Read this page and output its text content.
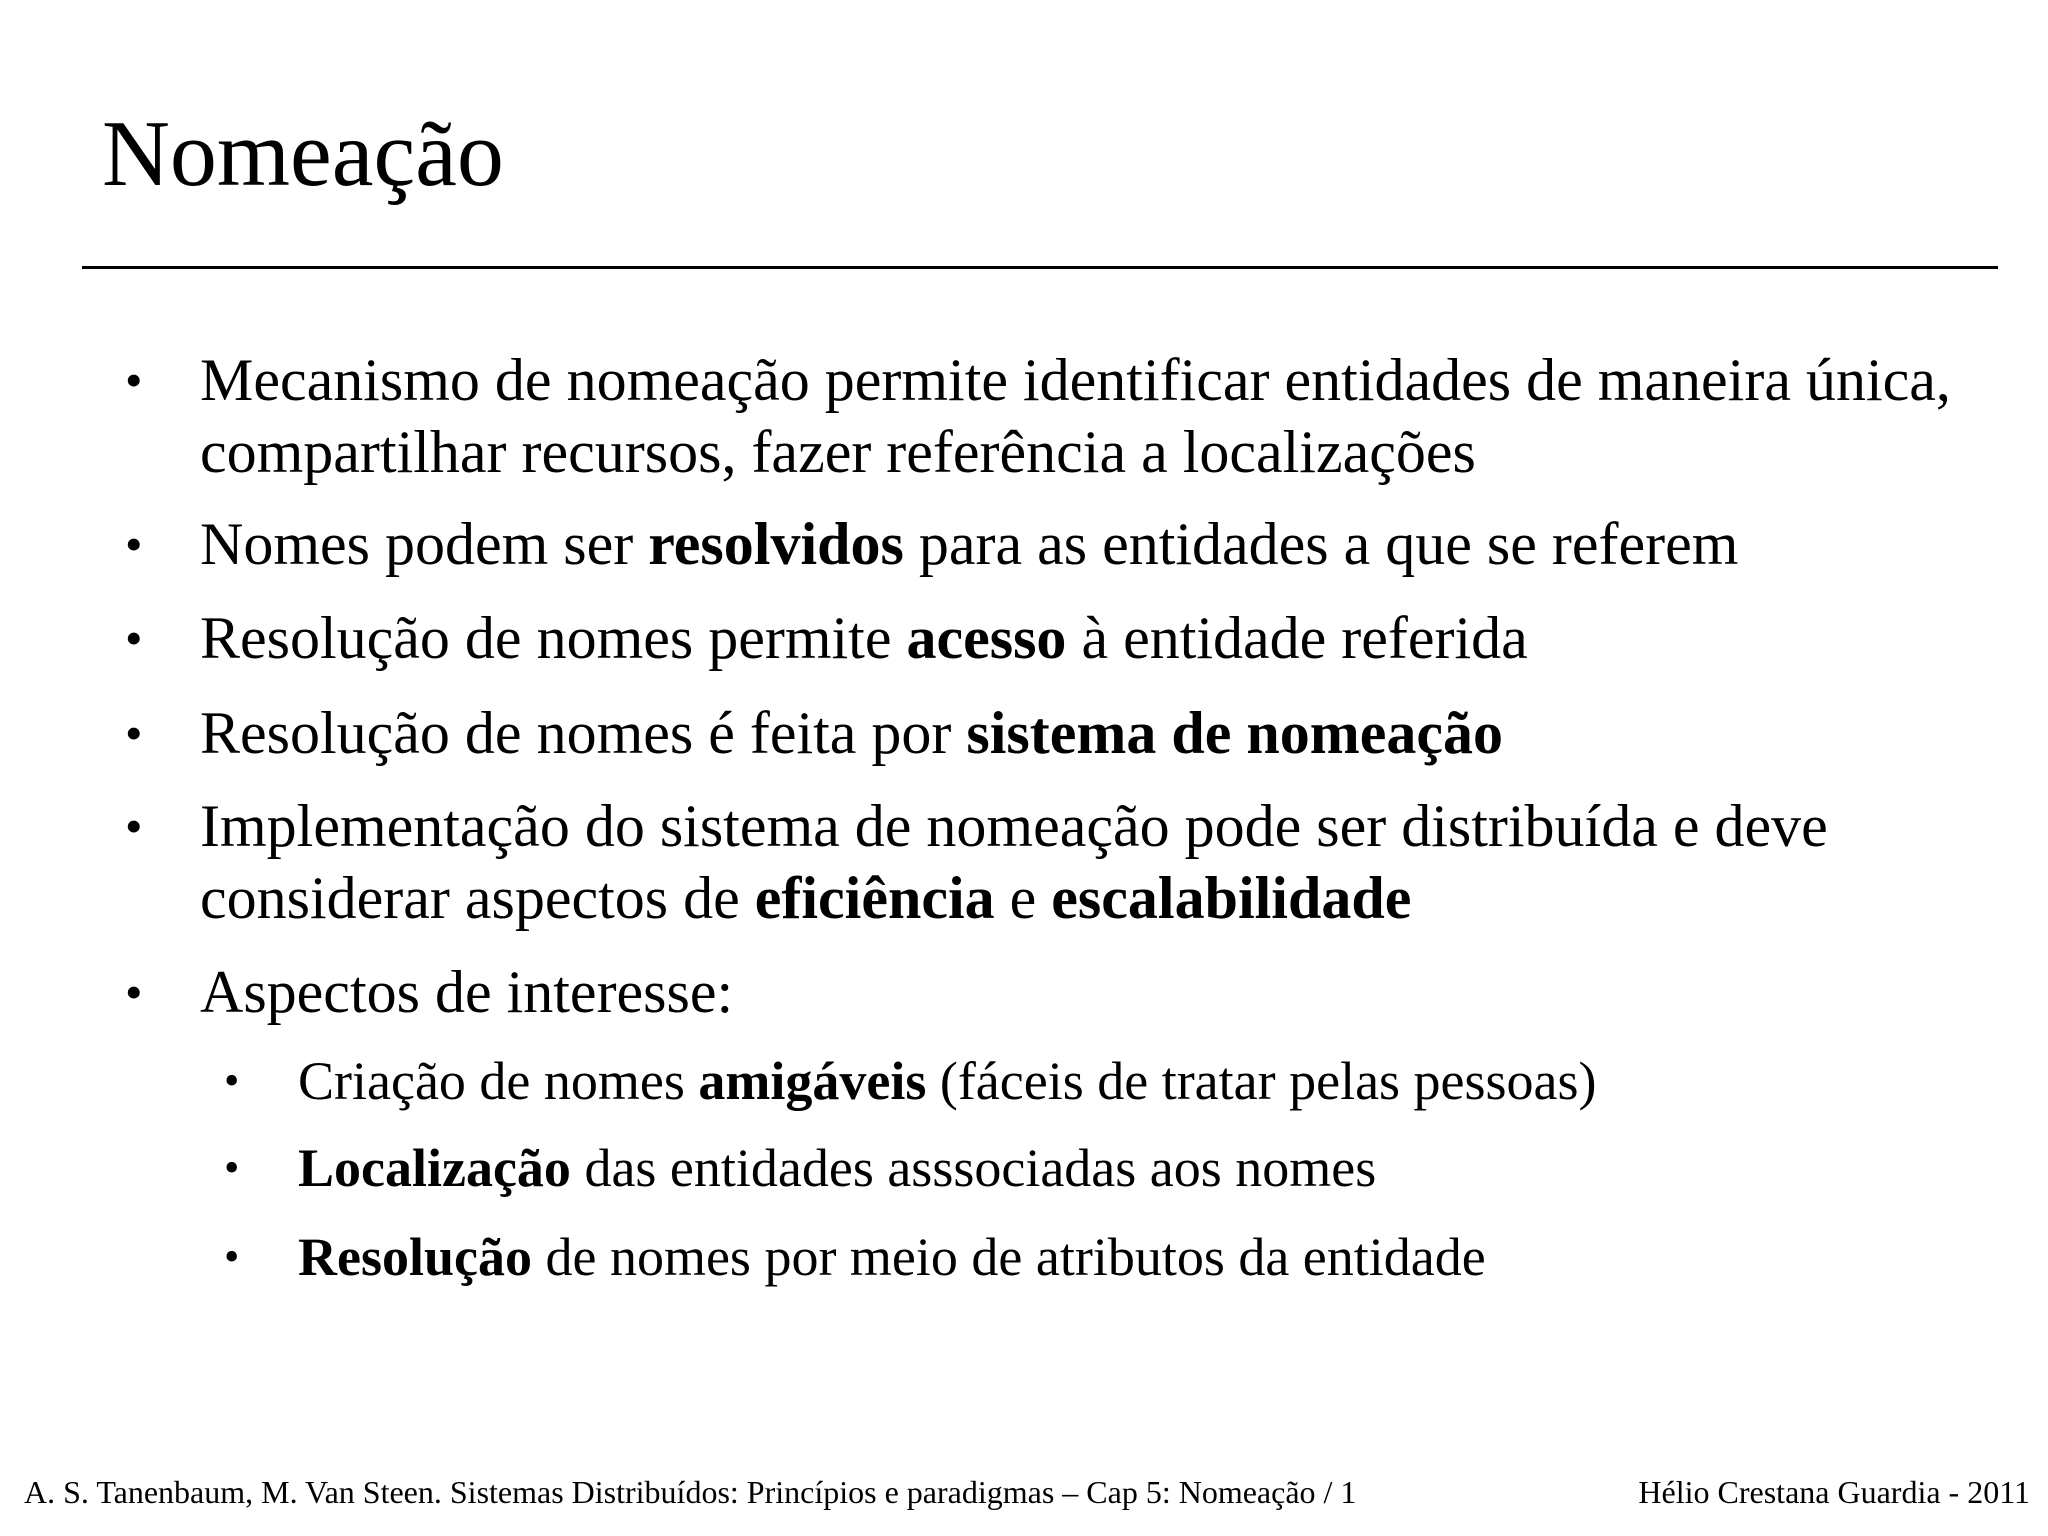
Nomeação
• Mecanismo de nomeação permite identificar entidades de maneira única, compartilhar recursos, fazer referência a localizações
• Nomes podem ser resolvidos para as entidades a que se referem
• Resolução de nomes permite acesso à entidade referida
• Resolução de nomes é feita por sistema de nomeação
• Implementação do sistema de nomeação pode ser distribuída e deve considerar aspectos de eficiência e escalabilidade
• Aspectos de interesse:
• Criação de nomes amigáveis (fáceis de tratar pelas pessoas)
• Localização das entidades asssociadas aos nomes
• Resolução de nomes por meio de atributos da entidade
A. S. Tanenbaum, M. Van Steen. Sistemas Distribuídos: Princípios e paradigmas – Cap 5: Nomeação / 1	Hélio Crestana Guardia - 2011
